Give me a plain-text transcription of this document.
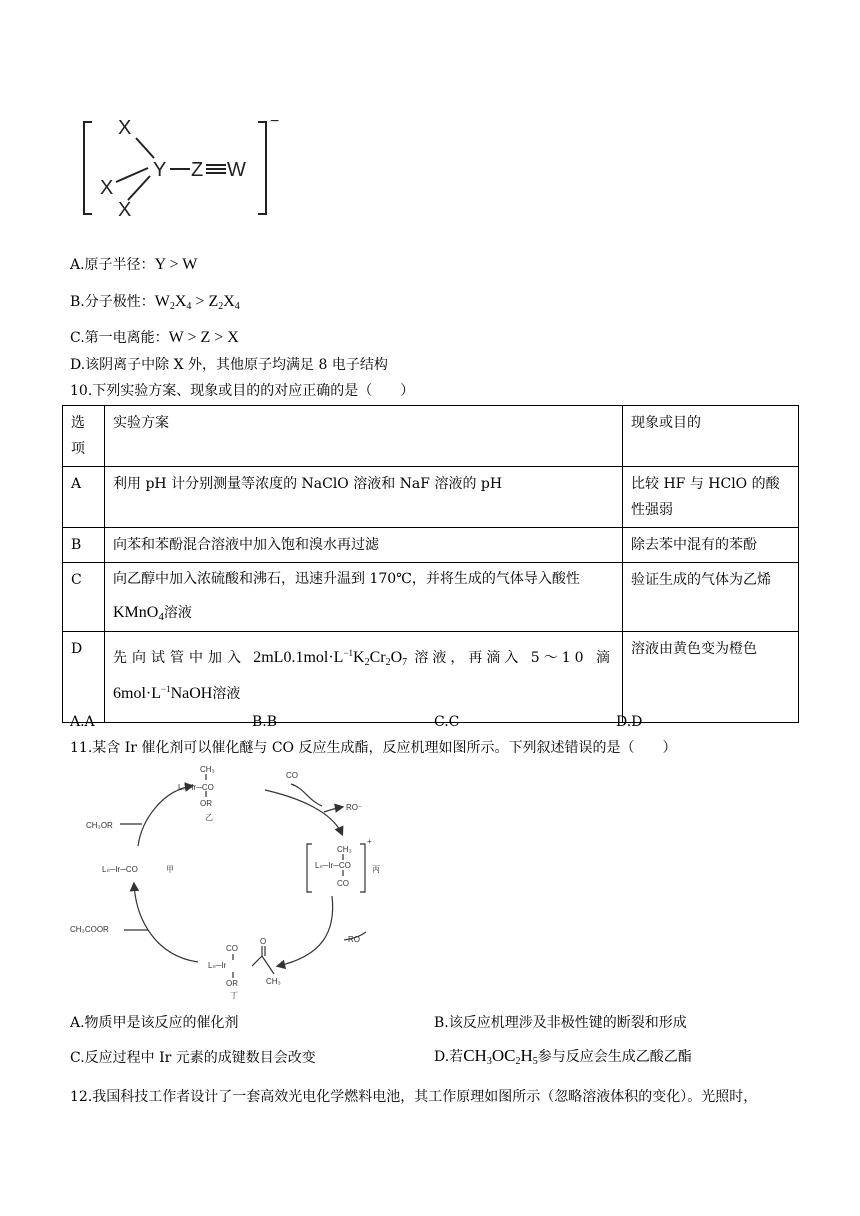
X
X
X
Y Z W
−
A.原子半径：Y > W
B.分子极性：$W_2X_4 > Z_2X_4$
C.第一电离能：W > Z > X
D.该阴离子中除 X 外，其他原子均满足 8 电子结构
10.下列实验方案、现象或目的的对应正确的是（　　）
选项	实验方案	现象或目的
A	利用 pH 计分别测量等浓度的 NaClO 溶液和 NaF 溶液的 pH	比较 HF 与 HClO 的酸性强弱
B	向苯和苯酚混合溶液中加入饱和溴水再过滤	除去苯中混有的苯酚
C	向乙醇中加入浓硫酸和沸石，迅速升温到 170℃，并将生成的气体导入酸性
KMnO$_4$溶液	验证生成的气体为乙烯
D	先向试管中加入 $2mL0.1mol\cdot L^{-1}K_2Cr_2O_7$ 溶液，再滴入 5～10 滴
$6mol\cdot L^{-1}NaOH$溶液	溶液由黄色变为橙色
A.A	B.B	C.C	D.D
11.某含 Ir 催化剂可以催化醚与 CO 反应生成酯，反应机理如图所示。下列叙述错误的是（　　）
CH₃
Lₙ─Ir─CO
OR
乙
CO
RO⁻
CH₃
Lₙ─Ir─CO
CO
+
丙
RO
CO
Lₙ─Ir
O
CH₃
OR
丁
Lₙ─Ir─CO	甲
CH₃OR
CH₃COOR
A.物质甲是该反应的催化剂	B.该反应机理涉及非极性键的断裂和形成
C.反应过程中 Ir 元素的成键数目会改变	D.若$CH_3OC_2H_5$参与反应会生成乙酸乙酯
12.我国科技工作者设计了一套高效光电化学燃料电池，其工作原理如图所示（忽略溶液体积的变化）。光照时，
